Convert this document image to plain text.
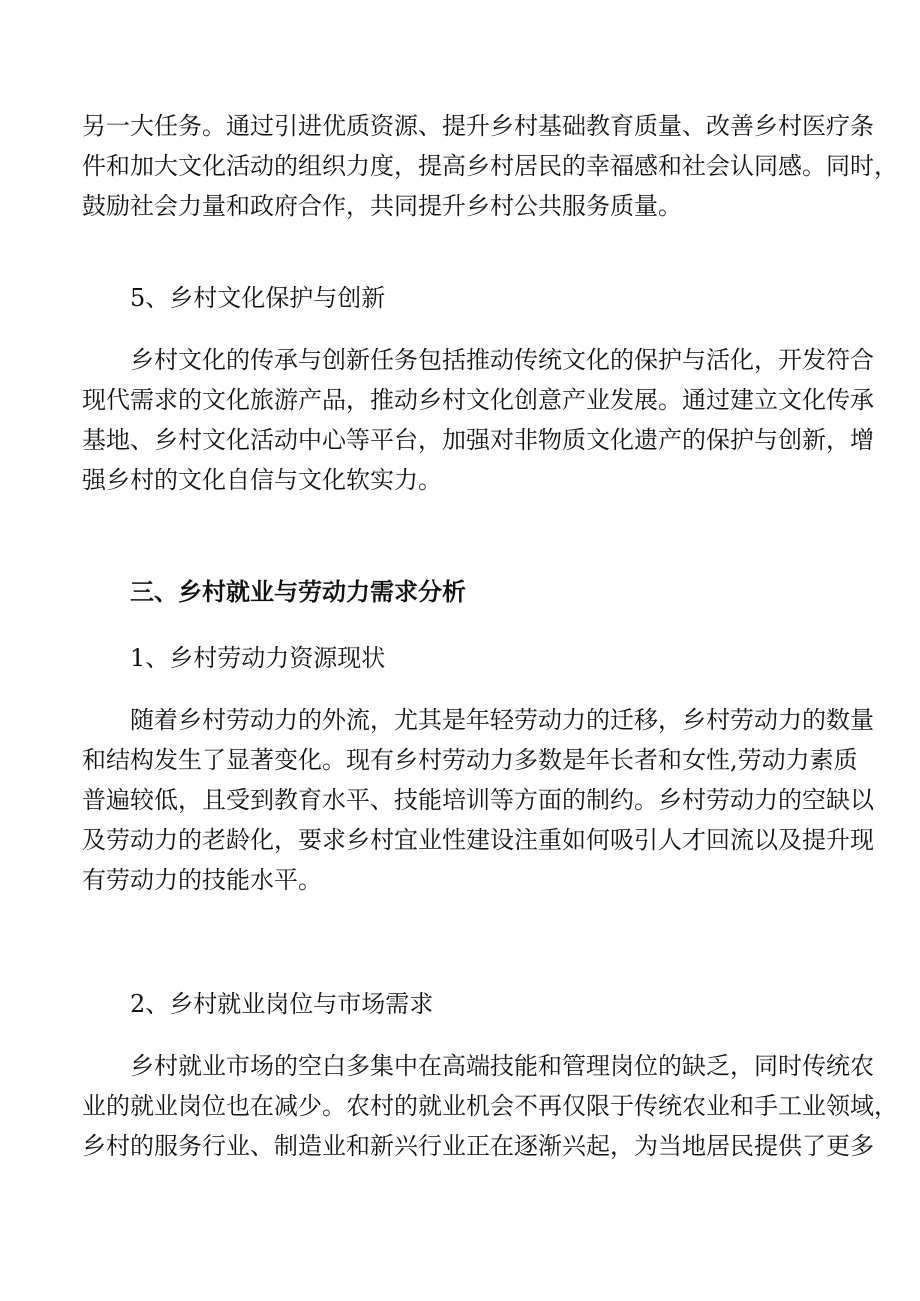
另一大任务。通过引进优质资源、提升乡村基础教育质量、改善乡村医疗条
件和加大文化活动的组织力度，提高乡村居民的幸福感和社会认同感。同时，
鼓励社会力量和政府合作，共同提升乡村公共服务质量。

5、乡村文化保护与创新

乡村文化的传承与创新任务包括推动传统文化的保护与活化，开发符合
现代需求的文化旅游产品，推动乡村文化创意产业发展。通过建立文化传承
基地、乡村文化活动中心等平台，加强对非物质文化遗产的保护与创新，增
强乡村的文化自信与文化软实力。

三、乡村就业与劳动力需求分析

1、乡村劳动力资源现状

随着乡村劳动力的外流，尤其是年轻劳动力的迁移，乡村劳动力的数量
和结构发生了显著变化。现有乡村劳动力多数是年长者和女性,劳动力素质
普遍较低，且受到教育水平、技能培训等方面的制约。乡村劳动力的空缺以
及劳动力的老龄化，要求乡村宜业性建设注重如何吸引人才回流以及提升现
有劳动力的技能水平。

2、乡村就业岗位与市场需求

乡村就业市场的空白多集中在高端技能和管理岗位的缺乏，同时传统农
业的就业岗位也在减少。农村的就业机会不再仅限于传统农业和手工业领域，
乡村的服务行业、制造业和新兴行业正在逐渐兴起，为当地居民提供了更多
